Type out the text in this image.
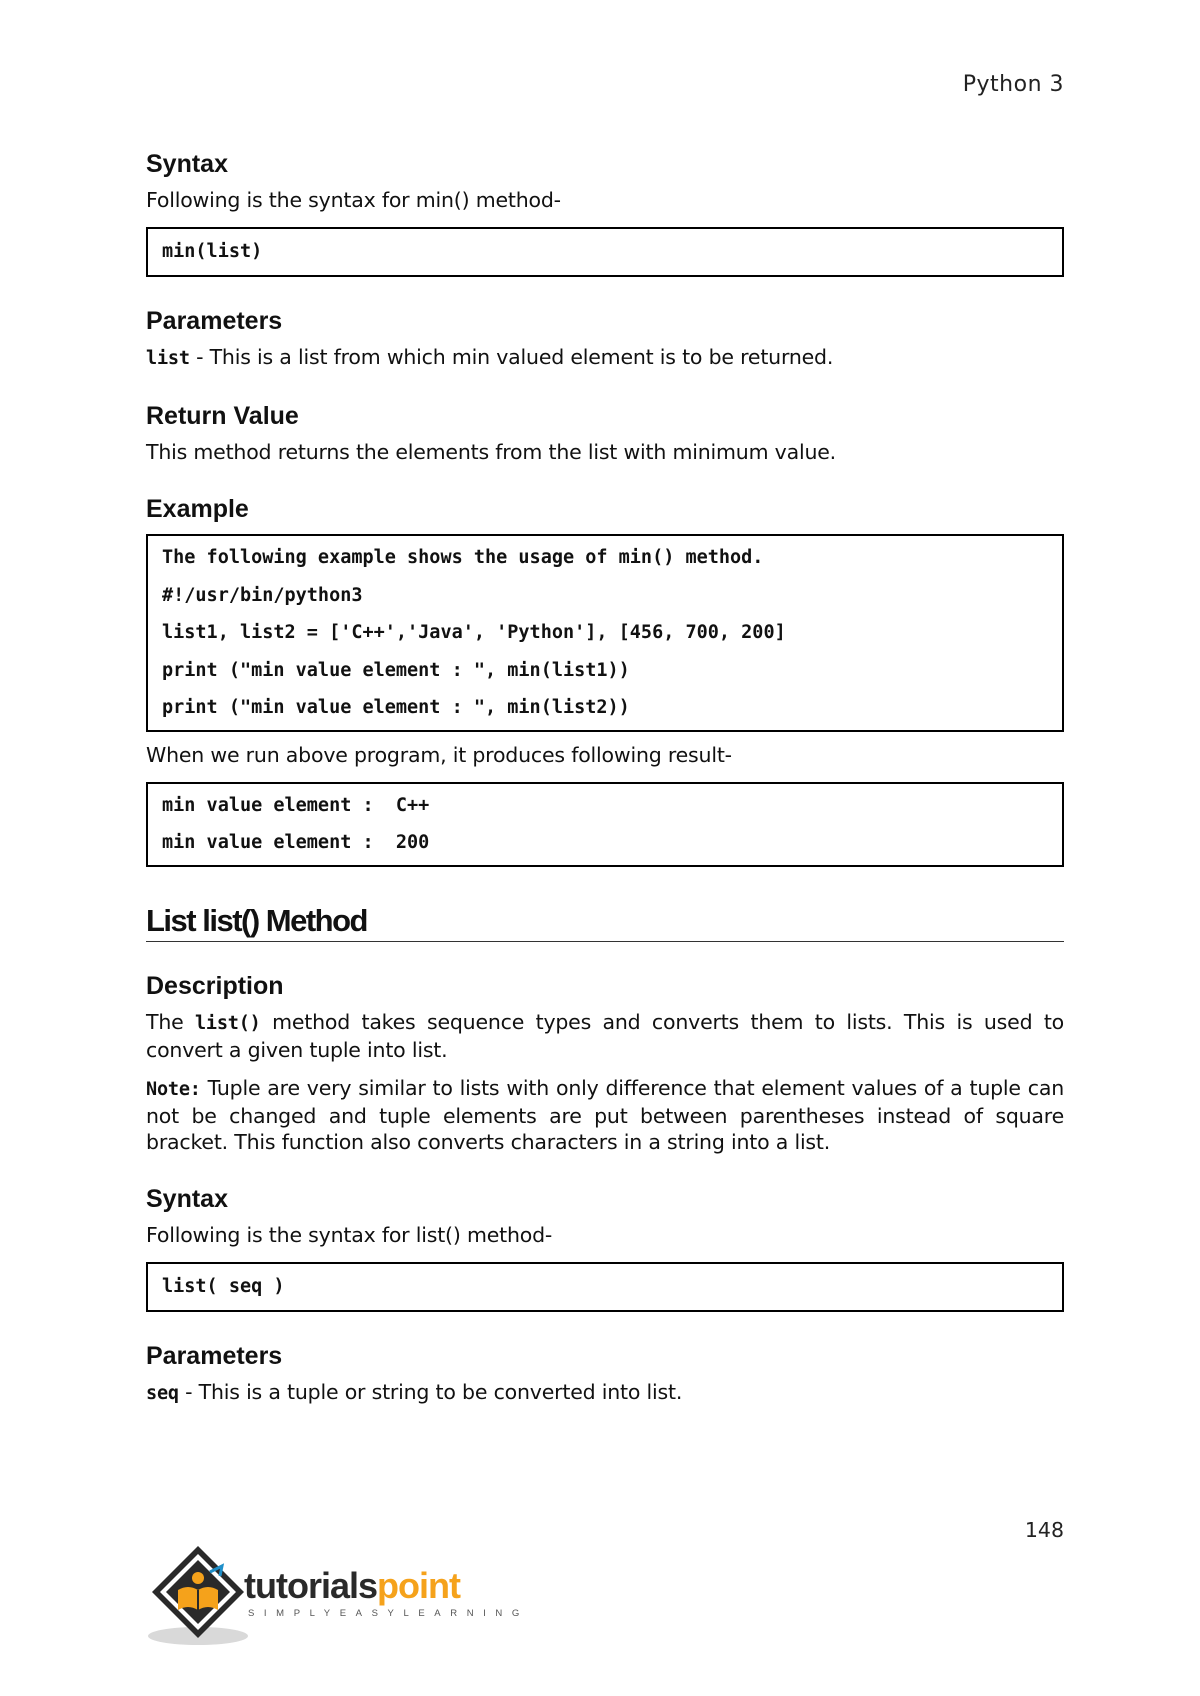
Python 3
Syntax

Following is the syntax for min() method-

min(list)
Parameters

list - This is a list from which min valued element is to be returned.

Return Value

This method returns the elements from the list with minimum value.

Example
The following example shows the usage of min() method.
#!/usr/bin/python3
list1, list2 = ['C++','Java', 'Python'], [456, 700, 200]
print ("min value element : ", min(list1))
print ("min value element : ", min(list2))

When we run above program, it produces following result-

min value element :  C++
min value element :  200
List list() Method
Description

The list() method takes sequence types and converts them to lists. This is used to convert a given tuple into list.

Note: Tuple are very similar to lists with only difference that element values of a tuple can not be changed and tuple elements are put between parentheses instead of square bracket. This function also converts characters in a string into a list.

Syntax

Following is the syntax for list() method-

list( seq )
Parameters

seq - This is a tuple or string to be converted into list.

148
tutorialspoint
SIMPLYEASYLEARNING
